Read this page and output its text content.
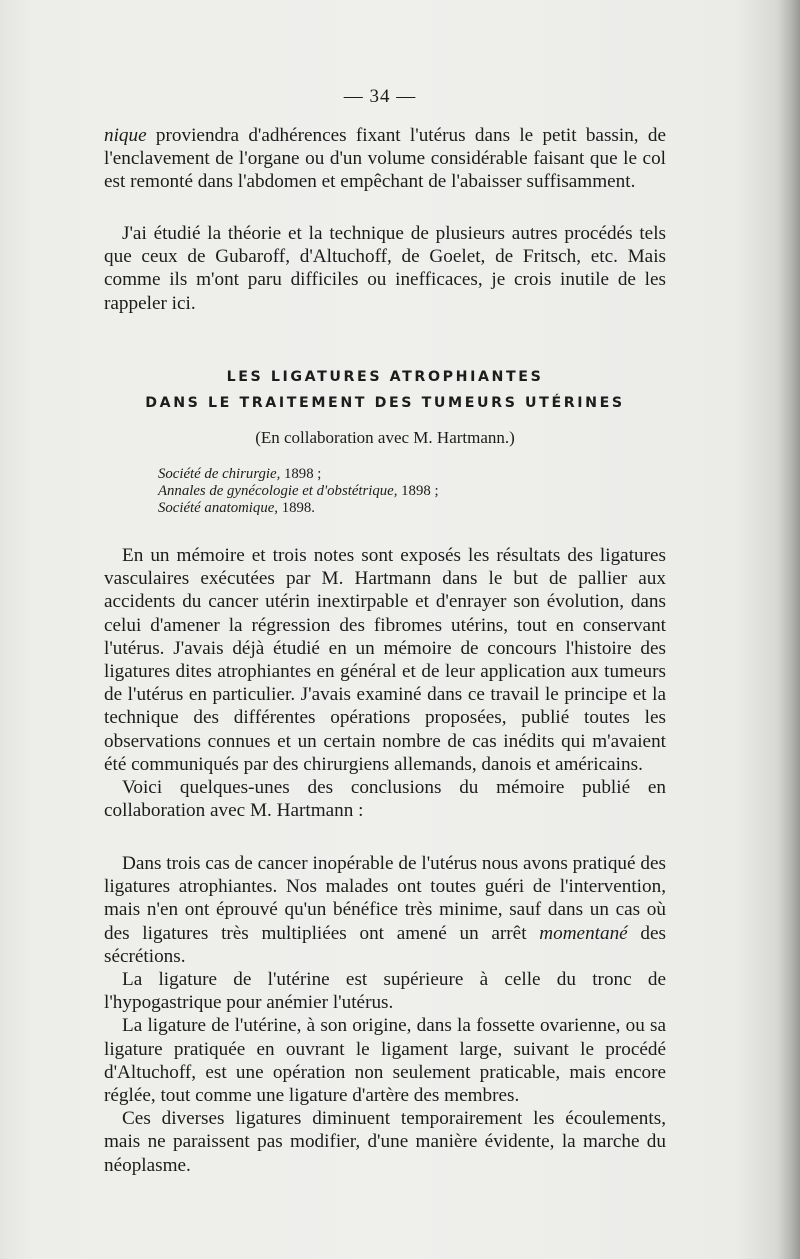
— 34 —

nique proviendra d'adhérences fixant l'utérus dans le petit bassin, de l'enclavement de l'organe ou d'un volume considérable faisant que le col est remonté dans l'abdomen et empêchant de l'abaisser suffisamment.

J'ai étudié la théorie et la technique de plusieurs autres procédés tels que ceux de Gubaroff, d'Altuchoff, de Goelet, de Fritsch, etc. Mais comme ils m'ont paru difficiles ou inefficaces, je crois inutile de les rappeler ici.

LES LIGATURES ATROPHIANTES
DANS LE TRAITEMENT DES TUMEURS UTÉRINES
(En collaboration avec M. Hartmann.)
Société de chirurgie, 1898 ;
Annales de gynécologie et d'obstétrique, 1898 ;
Société anatomique, 1898.

En un mémoire et trois notes sont exposés les résultats des ligatures vasculaires exécutées par M. Hartmann dans le but de pallier aux accidents du cancer utérin inextirpable et d'enrayer son évolution, dans celui d'amener la régression des fibromes utérins, tout en conservant l'utérus. J'avais déjà étudié en un mémoire de concours l'histoire des ligatures dites atrophiantes en général et de leur application aux tumeurs de l'utérus en particulier. J'avais examiné dans ce travail le principe et la technique des différentes opérations proposées, publié toutes les observations connues et un certain nombre de cas inédits qui m'avaient été communiqués par des chirurgiens allemands, danois et américains.

Voici quelques-unes des conclusions du mémoire publié en collaboration avec M. Hartmann :

Dans trois cas de cancer inopérable de l'utérus nous avons pratiqué des ligatures atrophiantes. Nos malades ont toutes guéri de l'intervention, mais n'en ont éprouvé qu'un bénéfice très minime, sauf dans un cas où des ligatures très multipliées ont amené un arrêt momentané des sécrétions.

La ligature de l'utérine est supérieure à celle du tronc de l'hypogastrique pour anémier l'utérus.

La ligature de l'utérine, à son origine, dans la fossette ovarienne, ou sa ligature pratiquée en ouvrant le ligament large, suivant le procédé d'Altuchoff, est une opération non seulement praticable, mais encore réglée, tout comme une ligature d'artère des membres.

Ces diverses ligatures diminuent temporairement les écoulements, mais ne paraissent pas modifier, d'une manière évidente, la marche du néoplasme.
